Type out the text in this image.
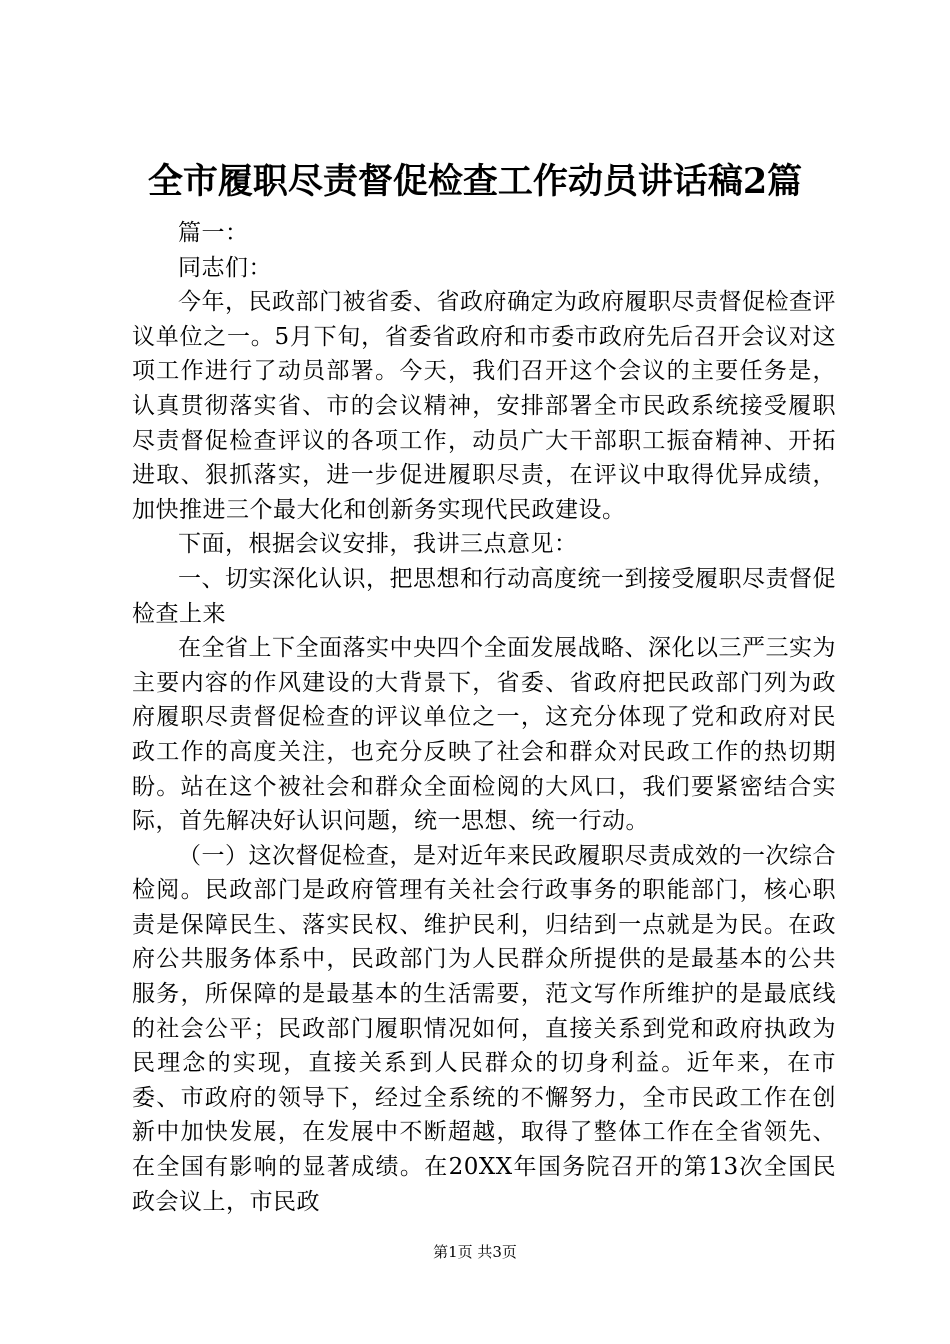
全市履职尽责督促检查工作动员讲话稿2篇

篇一：

同志们：

今年，民政部门被省委、省政府确定为政府履职尽责督促检查评议单位之一。5月下旬，省委省政府和市委市政府先后召开会议对这项工作进行了动员部署。今天，我们召开这个会议的主要任务是，认真贯彻落实省、市的会议精神，安排部署全市民政系统接受履职尽责督促检查评议的各项工作，动员广大干部职工振奋精神、开拓进取、狠抓落实，进一步促进履职尽责，在评议中取得优异成绩，加快推进三个最大化和创新务实现代民政建设。

下面，根据会议安排，我讲三点意见：

一、切实深化认识，把思想和行动高度统一到接受履职尽责督促检查上来

在全省上下全面落实中央四个全面发展战略、深化以三严三实为主要内容的作风建设的大背景下，省委、省政府把民政部门列为政府履职尽责督促检查的评议单位之一，这充分体现了党和政府对民政工作的高度关注，也充分反映了社会和群众对民政工作的热切期盼。站在这个被社会和群众全面检阅的大风口，我们要紧密结合实际，首先解决好认识问题，统一思想、统一行动。

（一）这次督促检查，是对近年来民政履职尽责成效的一次综合检阅。民政部门是政府管理有关社会行政事务的职能部门，核心职责是保障民生、落实民权、维护民利，归结到一点就是为民。在政府公共服务体系中，民政部门为人民群众所提供的是最基本的公共服务，所保障的是最基本的生活需要，范文写作所维护的是最底线的社会公平；民政部门履职情况如何，直接关系到党和政府执政为民理念的实现，直接关系到人民群众的切身利益。近年来，在市委、市政府的领导下，经过全系统的不懈努力，全市民政工作在创新中加快发展，在发展中不断超越，取得了整体工作在全省领先、在全国有影响的显著成绩。在20XX年国务院召开的第13次全国民政会议上，市民政

第1页 共3页
